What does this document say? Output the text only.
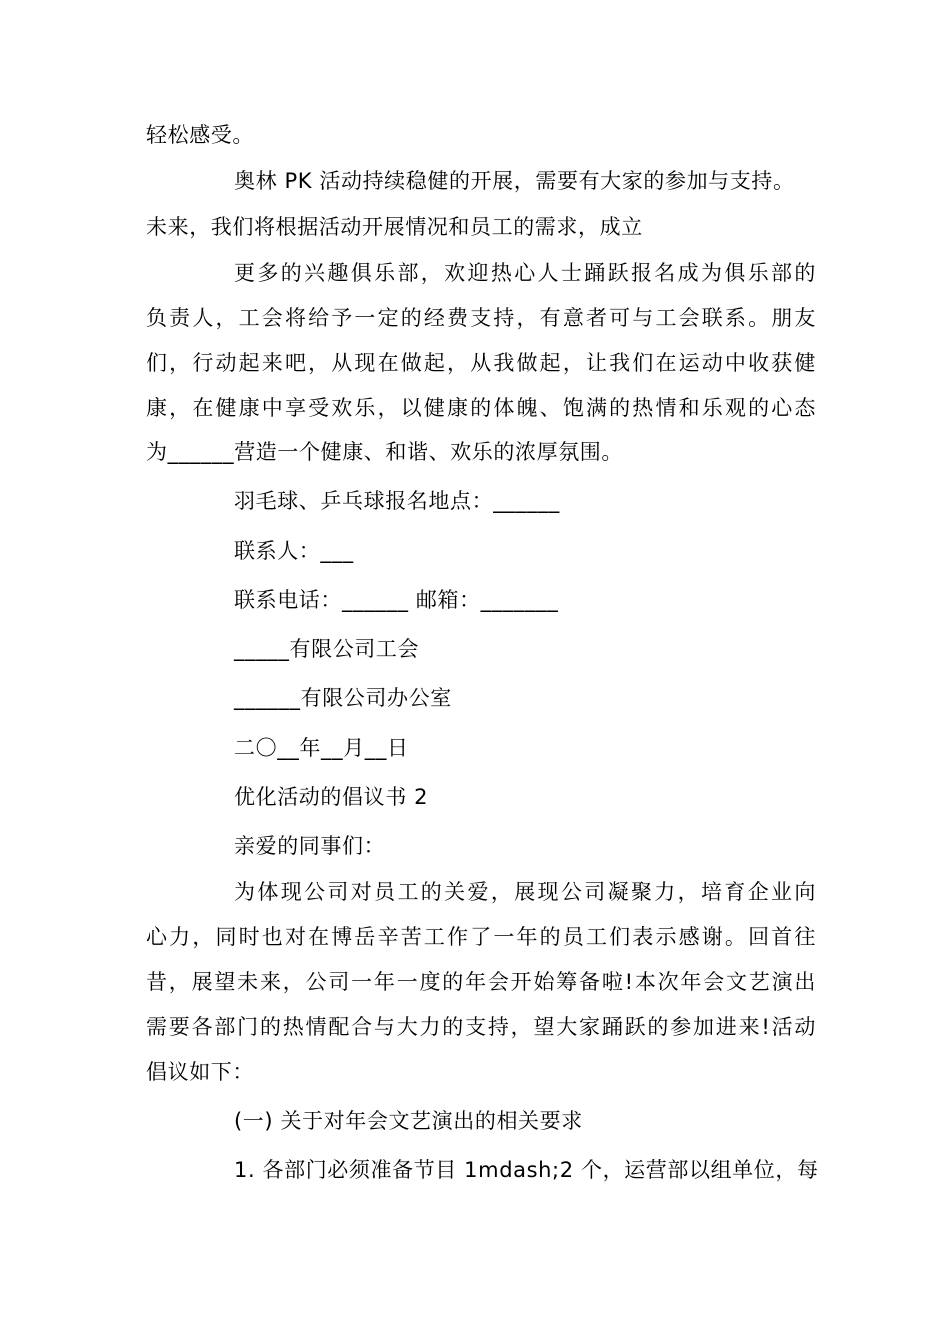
轻松感受。
奥林 PK 活动持续稳健的开展，需要有大家的参加与支持。
未来，我们将根据活动开展情况和员工的需求，成立
更多的兴趣俱乐部，欢迎热心人士踊跃报名成为俱乐部的
负责人，工会将给予一定的经费支持，有意者可与工会联系。朋友
们，行动起来吧，从现在做起，从我做起，让我们在运动中收获健
康，在健康中享受欢乐，以健康的体魄、饱满的热情和乐观的心态
为______营造一个健康、和谐、欢乐的浓厚氛围。
羽毛球、乒乓球报名地点：______
联系人：___
联系电话：______ 邮箱：_______
_____有限公司工会
______有限公司办公室
二〇__年__月__日
优化活动的倡议书 2
亲爱的同事们：
为体现公司对员工的关爱，展现公司凝聚力，培育企业向
心力，同时也对在博岳辛苦工作了一年的员工们表示感谢。回首往
昔，展望未来，公司一年一度的年会开始筹备啦!本次年会文艺演出
需要各部门的热情配合与大力的支持，望大家踊跃的参加进来!活动
倡议如下：
(一) 关于对年会文艺演出的相关要求
1. 各部门必须准备节目 1mdash;2 个，运营部以组单位，每
